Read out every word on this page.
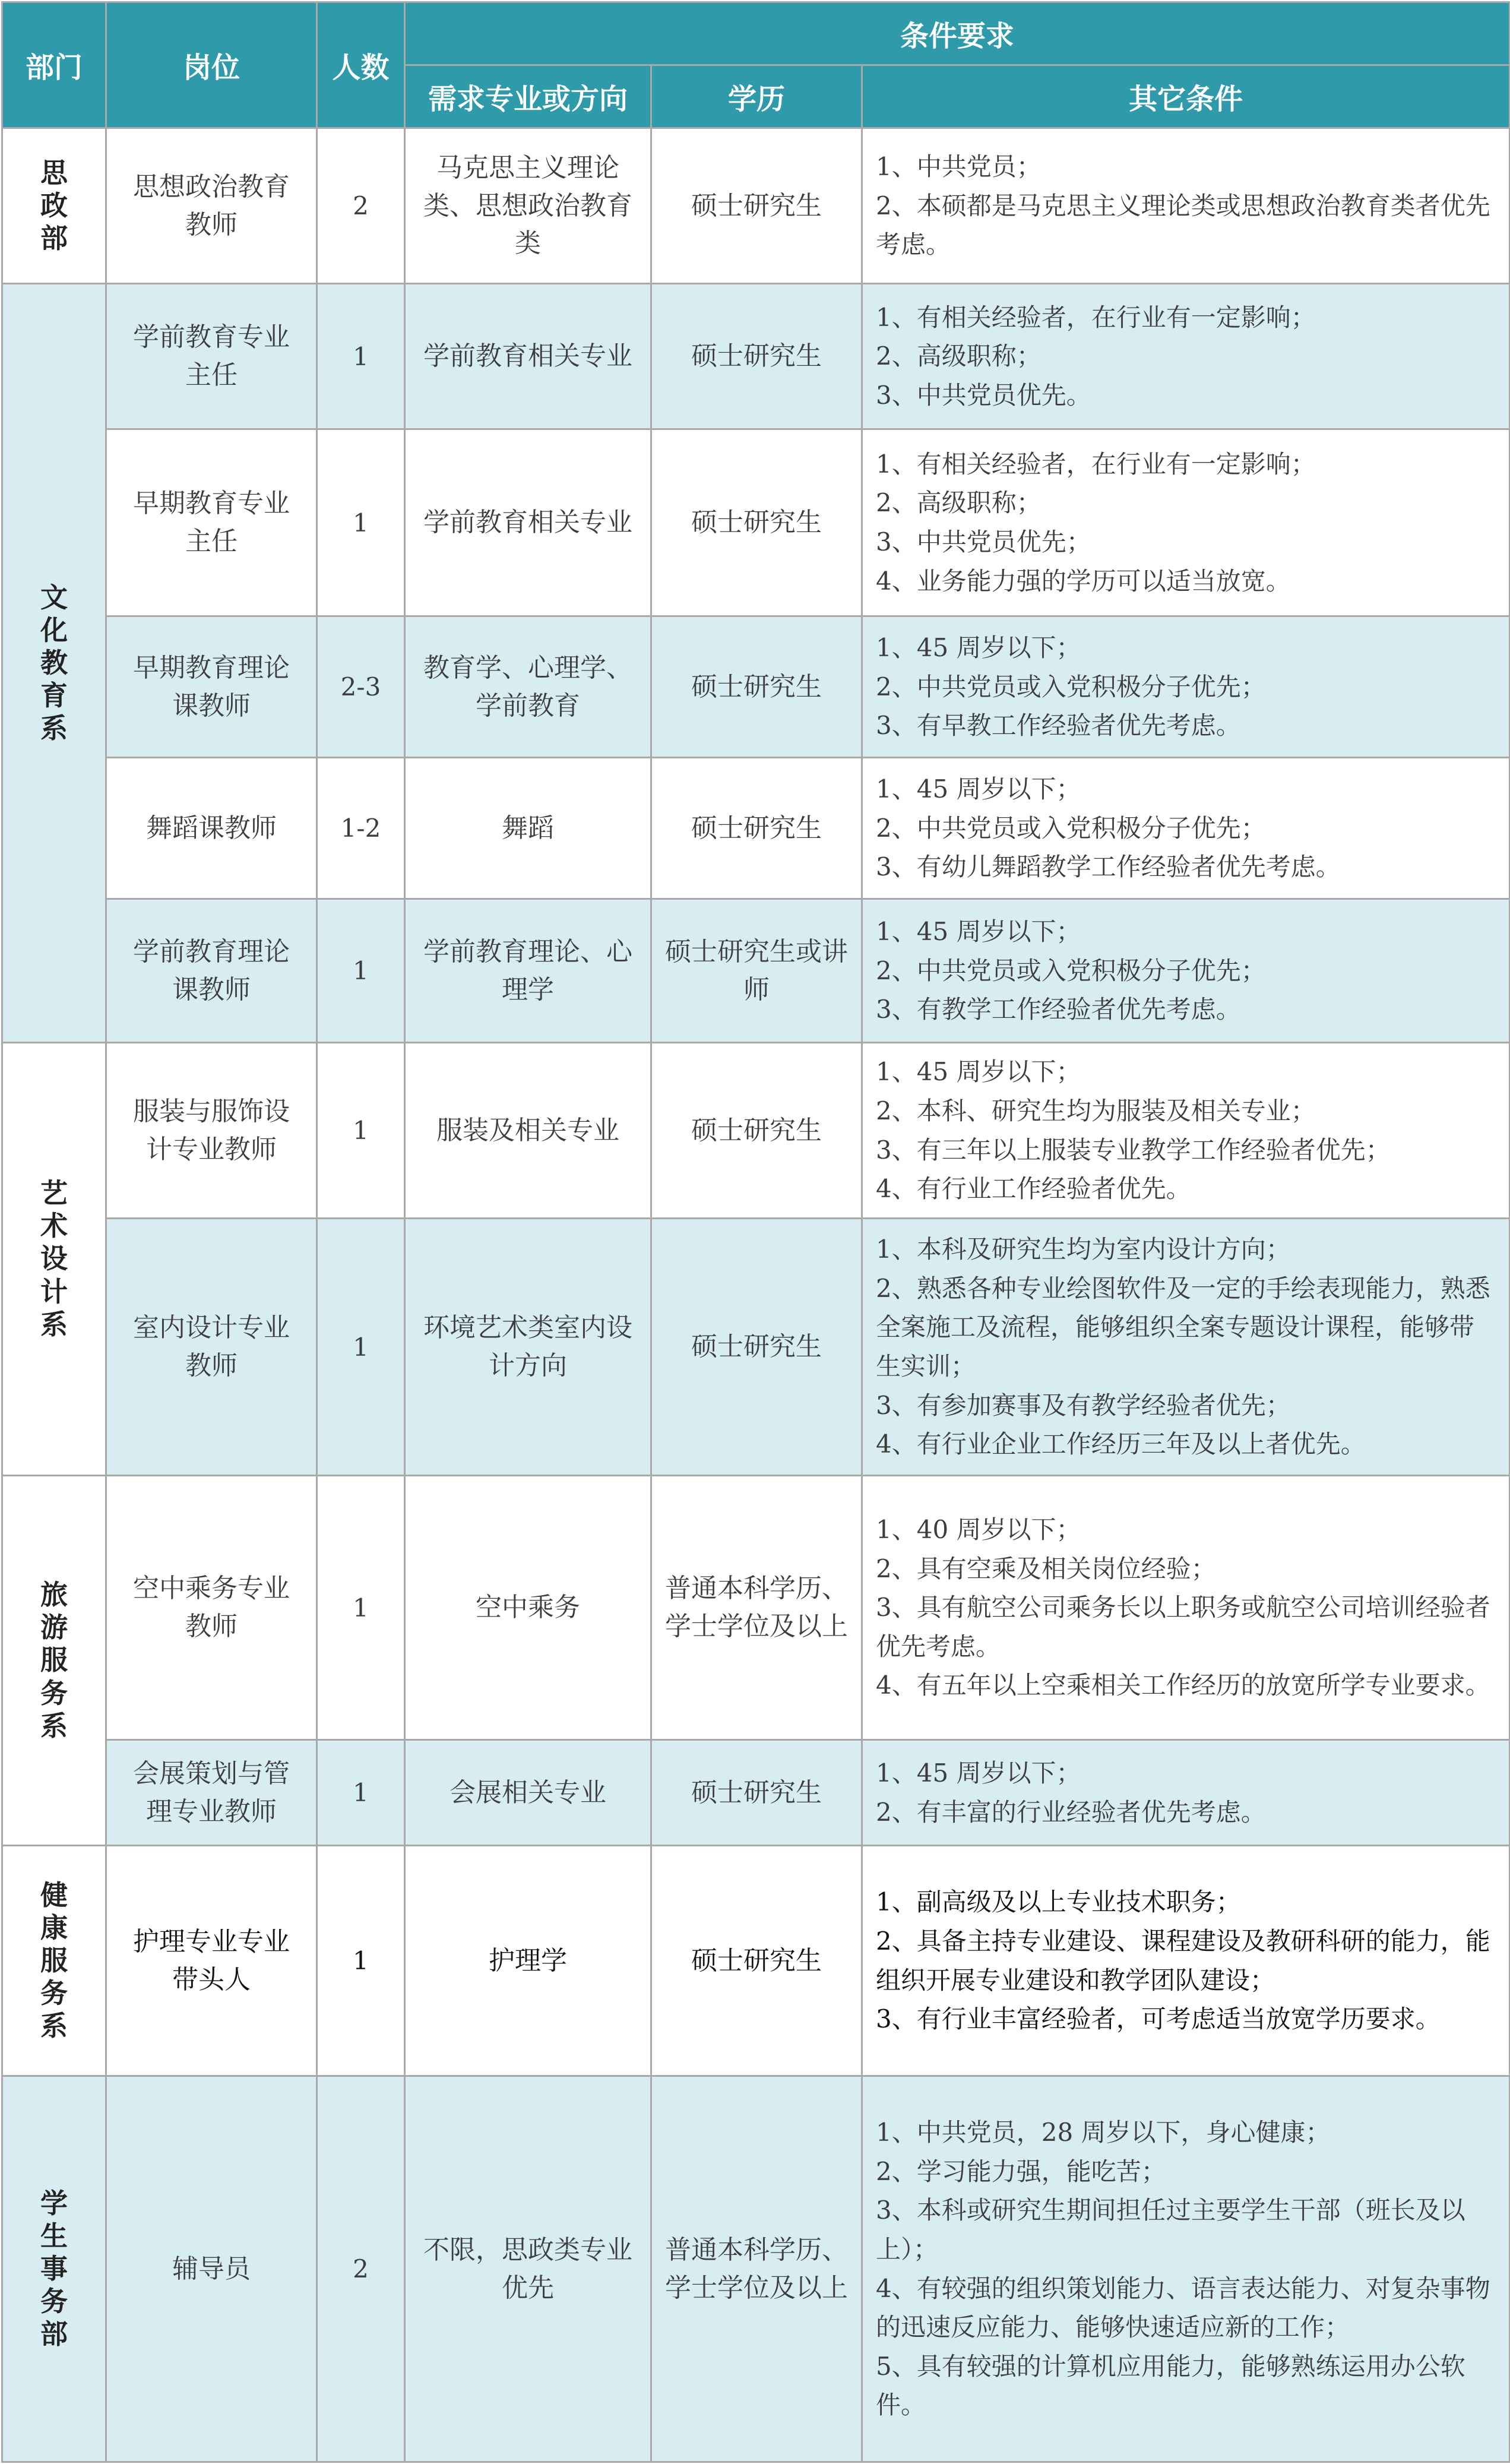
部门	岗位	人数	条件要求		
			需求专业或方向	学历	其它条件
思政部	思想政治教育教师	2	马克思主义理论类、思想政治教育类	硕士研究生	1、中共党员；
2、本硕都是马克思主义理论类或思想政治教育类者优先考虑。

文化教育系	学前教育专业主任	1	学前教育相关专业	硕士研究生	1、有相关经验者，在行业有一定影响；
2、高级职称；
3、中共党员优先。

	早期教育专业主任	1	学前教育相关专业	硕士研究生	1、有相关经验者，在行业有一定影响；
2、高级职称；
3、中共党员优先；
4、业务能力强的学历可以适当放宽。

	早期教育理论课教师	2-3	教育学、心理学、学前教育	硕士研究生	1、45 周岁以下；
2、中共党员或入党积极分子优先；
3、有早教工作经验者优先考虑。

	舞蹈课教师	1-2	舞蹈	硕士研究生	1、45 周岁以下；
2、中共党员或入党积极分子优先；
3、有幼儿舞蹈教学工作经验者优先考虑。

	学前教育理论课教师	1	学前教育理论、心理学	硕士研究生或讲师	1、45 周岁以下；
2、中共党员或入党积极分子优先；
3、有教学工作经验者优先考虑。

艺术设计系	服装与服饰设计专业教师	1	服装及相关专业	硕士研究生	1、45 周岁以下；
2、本科、研究生均为服装及相关专业；
3、有三年以上服装专业教学工作经验者优先；
4、有行业工作经验者优先。

	室内设计专业教师	1	环境艺术类室内设计方向	硕士研究生	1、本科及研究生均为室内设计方向；
2、熟悉各种专业绘图软件及一定的手绘表现能力，熟悉全案施工及流程，能够组织全案专题设计课程，能够带生实训；
3、有参加赛事及有教学经验者优先；
4、有行业企业工作经历三年及以上者优先。

旅游服务系	空中乘务专业教师	1	空中乘务	普通本科学历、学士学位及以上	1、40 周岁以下；
2、具有空乘及相关岗位经验；
3、具有航空公司乘务长以上职务或航空公司培训经验者优先考虑。
4、有五年以上空乘相关工作经历的放宽所学专业要求。

	会展策划与管理专业教师	1	会展相关专业	硕士研究生	1、45 周岁以下；
2、有丰富的行业经验者优先考虑。

健康服务系	护理专业专业带头人	1	护理学	硕士研究生	1、副高级及以上专业技术职务；
2、具备主持专业建设、课程建设及教研科研的能力，能组织开展专业建设和教学团队建设；
3、有行业丰富经验者，可考虑适当放宽学历要求。

学生事务部	辅导员	2	不限，思政类专业优先	普通本科学历、学士学位及以上	1、中共党员，28 周岁以下，身心健康；
2、学习能力强，能吃苦；
3、本科或研究生期间担任过主要学生干部（班长及以上）；
4、有较强的组织策划能力、语言表达能力、对复杂事物的迅速反应能力、能够快速适应新的工作；
5、具有较强的计算机应用能力，能够熟练运用办公软件。
